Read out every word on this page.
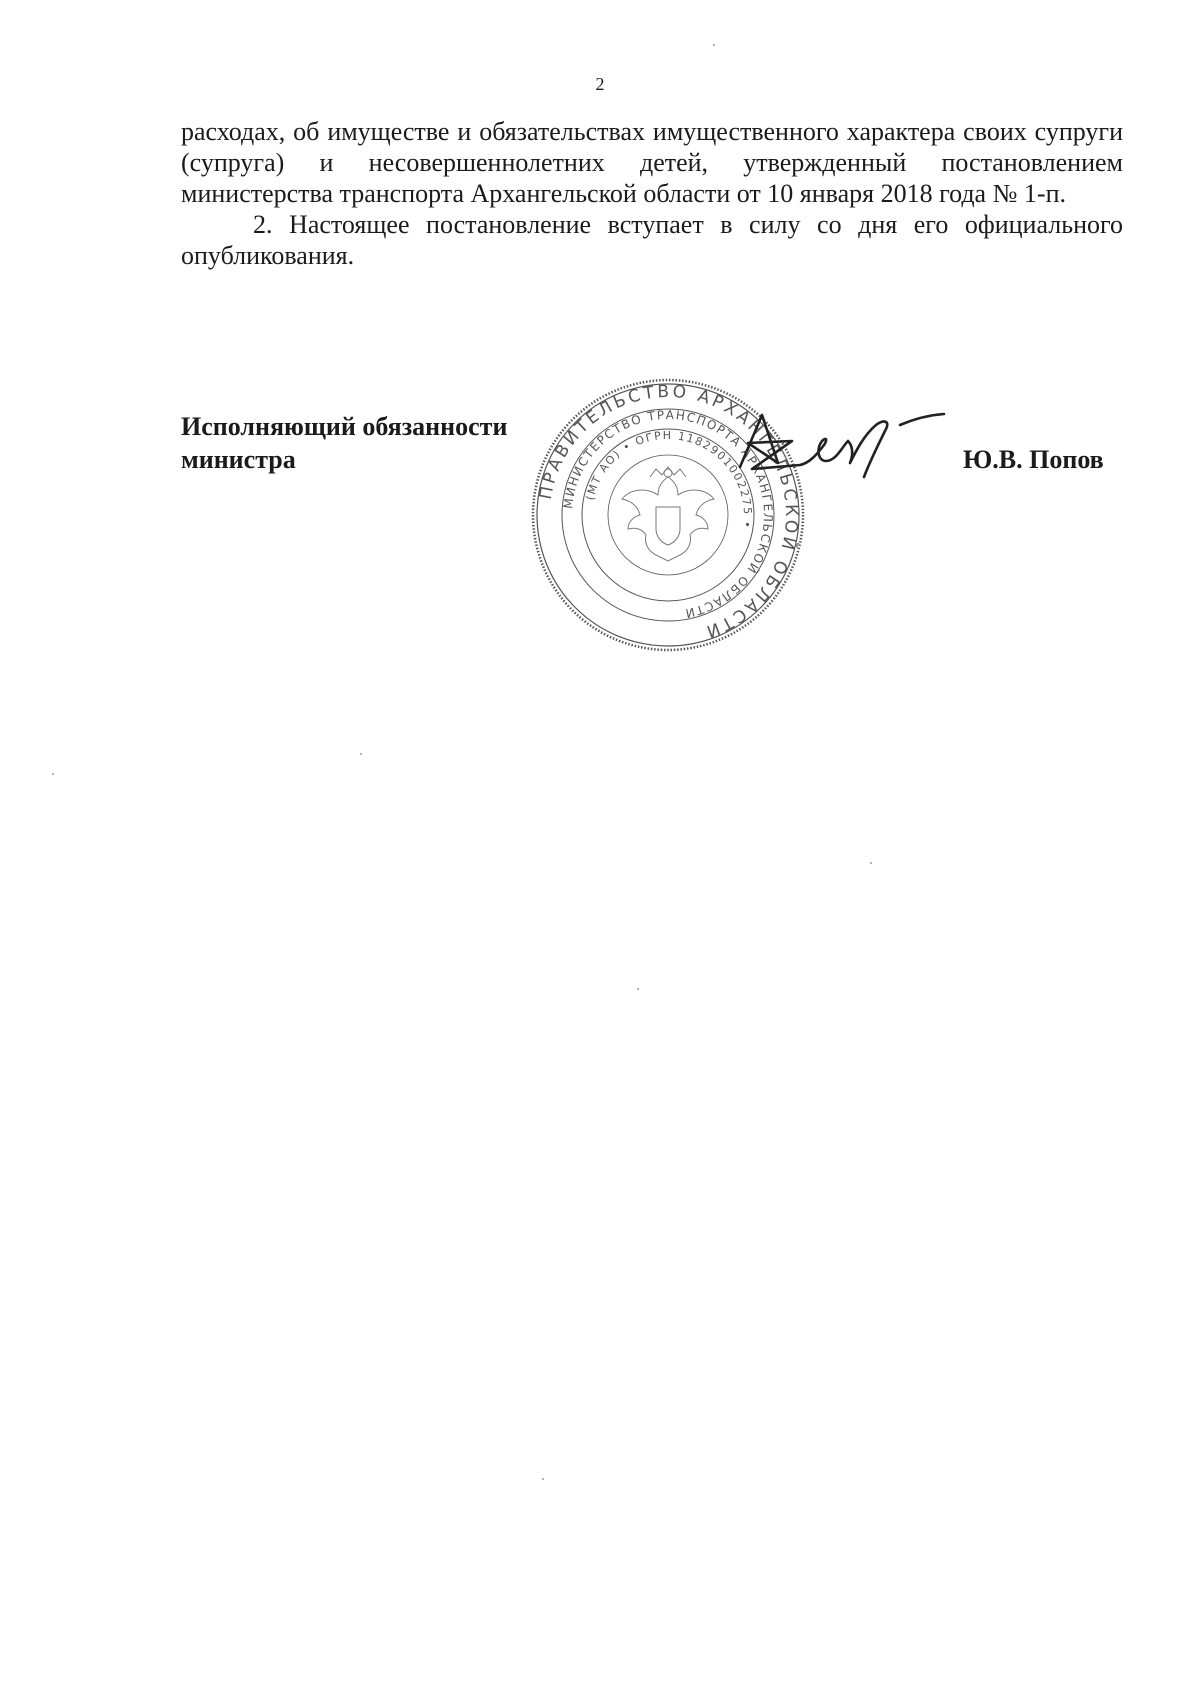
2

расходах, об имуществе и обязательствах имущественного характера своих супруги (супруга) и несовершеннолетних детей, утвержденный постановлением министерства транспорта Архангельской области от 10 января 2018 года № 1-п.

2. Настоящее постановление вступает в силу со дня его официального опубликования.

Исполняющий обязанности
министра
ПРАВИТЕЛЬСТВО АРХАНГЕЛЬСКОЙ ОБЛАСТИ
МИНИСТЕРСТВО ТРАНСПОРТА АРХАНГЕЛЬСКОЙ ОБЛАСТИ
(МТ АО) • ОГРН 1182901002275 •
Ю.В. Попов
